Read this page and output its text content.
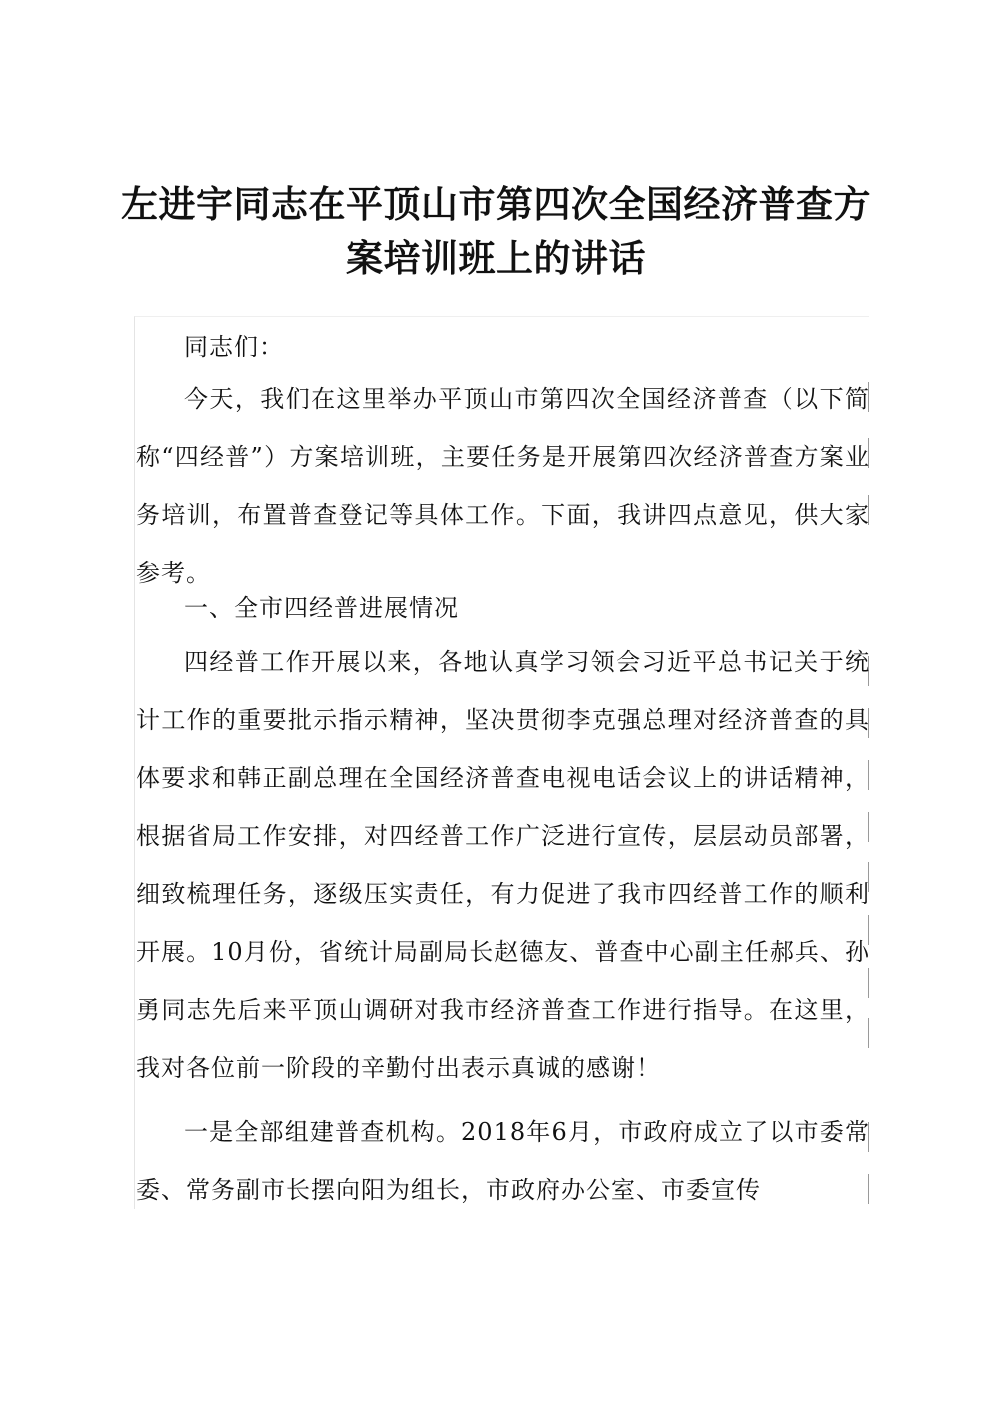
左进宇同志在平顶山市第四次全国经济普查方
案培训班上的讲话

同志们：

今天，我们在这里举办平顶山市第四次全国经济普查（以下简称“四经普”）方案培训班，主要任务是开展第四次经济普查方案业务培训，布置普查登记等具体工作。下面，我讲四点意见，供大家参考。

一、全市四经普进展情况

四经普工作开展以来，各地认真学习领会习近平总书记关于统计工作的重要批示指示精神，坚决贯彻李克强总理对经济普查的具体要求和韩正副总理在全国经济普查电视电话会议上的讲话精神，根据省局工作安排，对四经普工作广泛进行宣传，层层动员部署，细致梳理任务，逐级压实责任，有力促进了我市四经普工作的顺利开展。10月份，省统计局副局长赵德友、普查中心副主任郝兵、孙勇同志先后来平顶山调研对我市经济普查工作进行指导。在这里，我对各位前一阶段的辛勤付出表示真诚的感谢！

一是全部组建普查机构。2018年6月，市政府成立了以市委常委、常务副市长摆向阳为组长，市政府办公室、市委宣传
